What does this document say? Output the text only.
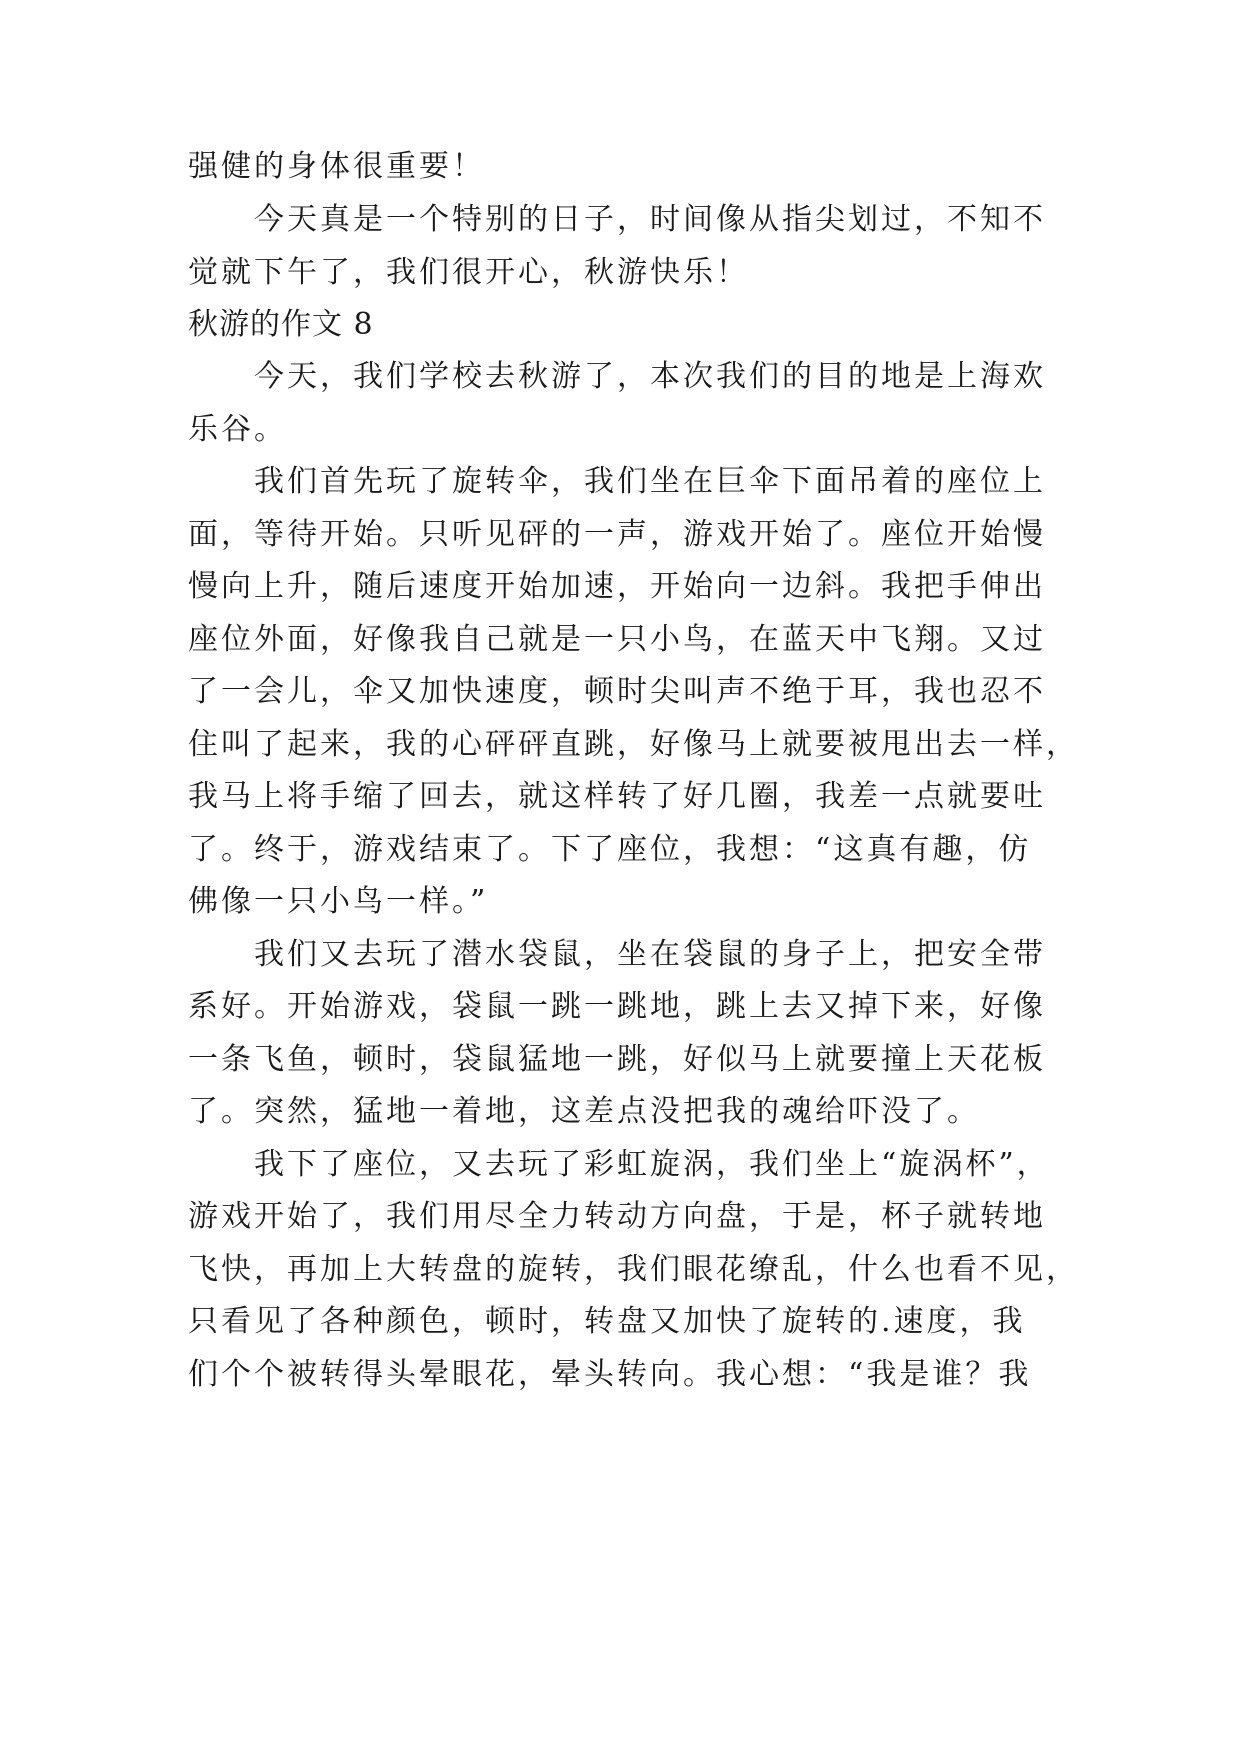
强健的身体很重要！
　　今天真是一个特别的日子，时间像从指尖划过，不知不
觉就下午了，我们很开心，秋游快乐！
秋游的作文 8
　　今天，我们学校去秋游了，本次我们的目的地是上海欢
乐谷。
　　我们首先玩了旋转伞，我们坐在巨伞下面吊着的座位上
面，等待开始。只听见砰的一声，游戏开始了。座位开始慢
慢向上升，随后速度开始加速，开始向一边斜。我把手伸出
座位外面，好像我自己就是一只小鸟，在蓝天中飞翔。又过
了一会儿，伞又加快速度，顿时尖叫声不绝于耳，我也忍不
住叫了起来，我的心砰砰直跳，好像马上就要被甩出去一样，
我马上将手缩了回去，就这样转了好几圈，我差一点就要吐
了。终于，游戏结束了。下了座位，我想：“这真有趣，仿
佛像一只小鸟一样。”
　　我们又去玩了潜水袋鼠，坐在袋鼠的身子上，把安全带
系好。开始游戏，袋鼠一跳一跳地，跳上去又掉下来，好像
一条飞鱼，顿时，袋鼠猛地一跳，好似马上就要撞上天花板
了。突然，猛地一着地，这差点没把我的魂给吓没了。
　　我下了座位，又去玩了彩虹旋涡，我们坐上“旋涡杯”，
游戏开始了，我们用尽全力转动方向盘，于是，杯子就转地
飞快，再加上大转盘的旋转，我们眼花缭乱，什么也看不见，
只看见了各种颜色，顿时，转盘又加快了旋转的.速度，我
们个个被转得头晕眼花，晕头转向。我心想：“我是谁？我
